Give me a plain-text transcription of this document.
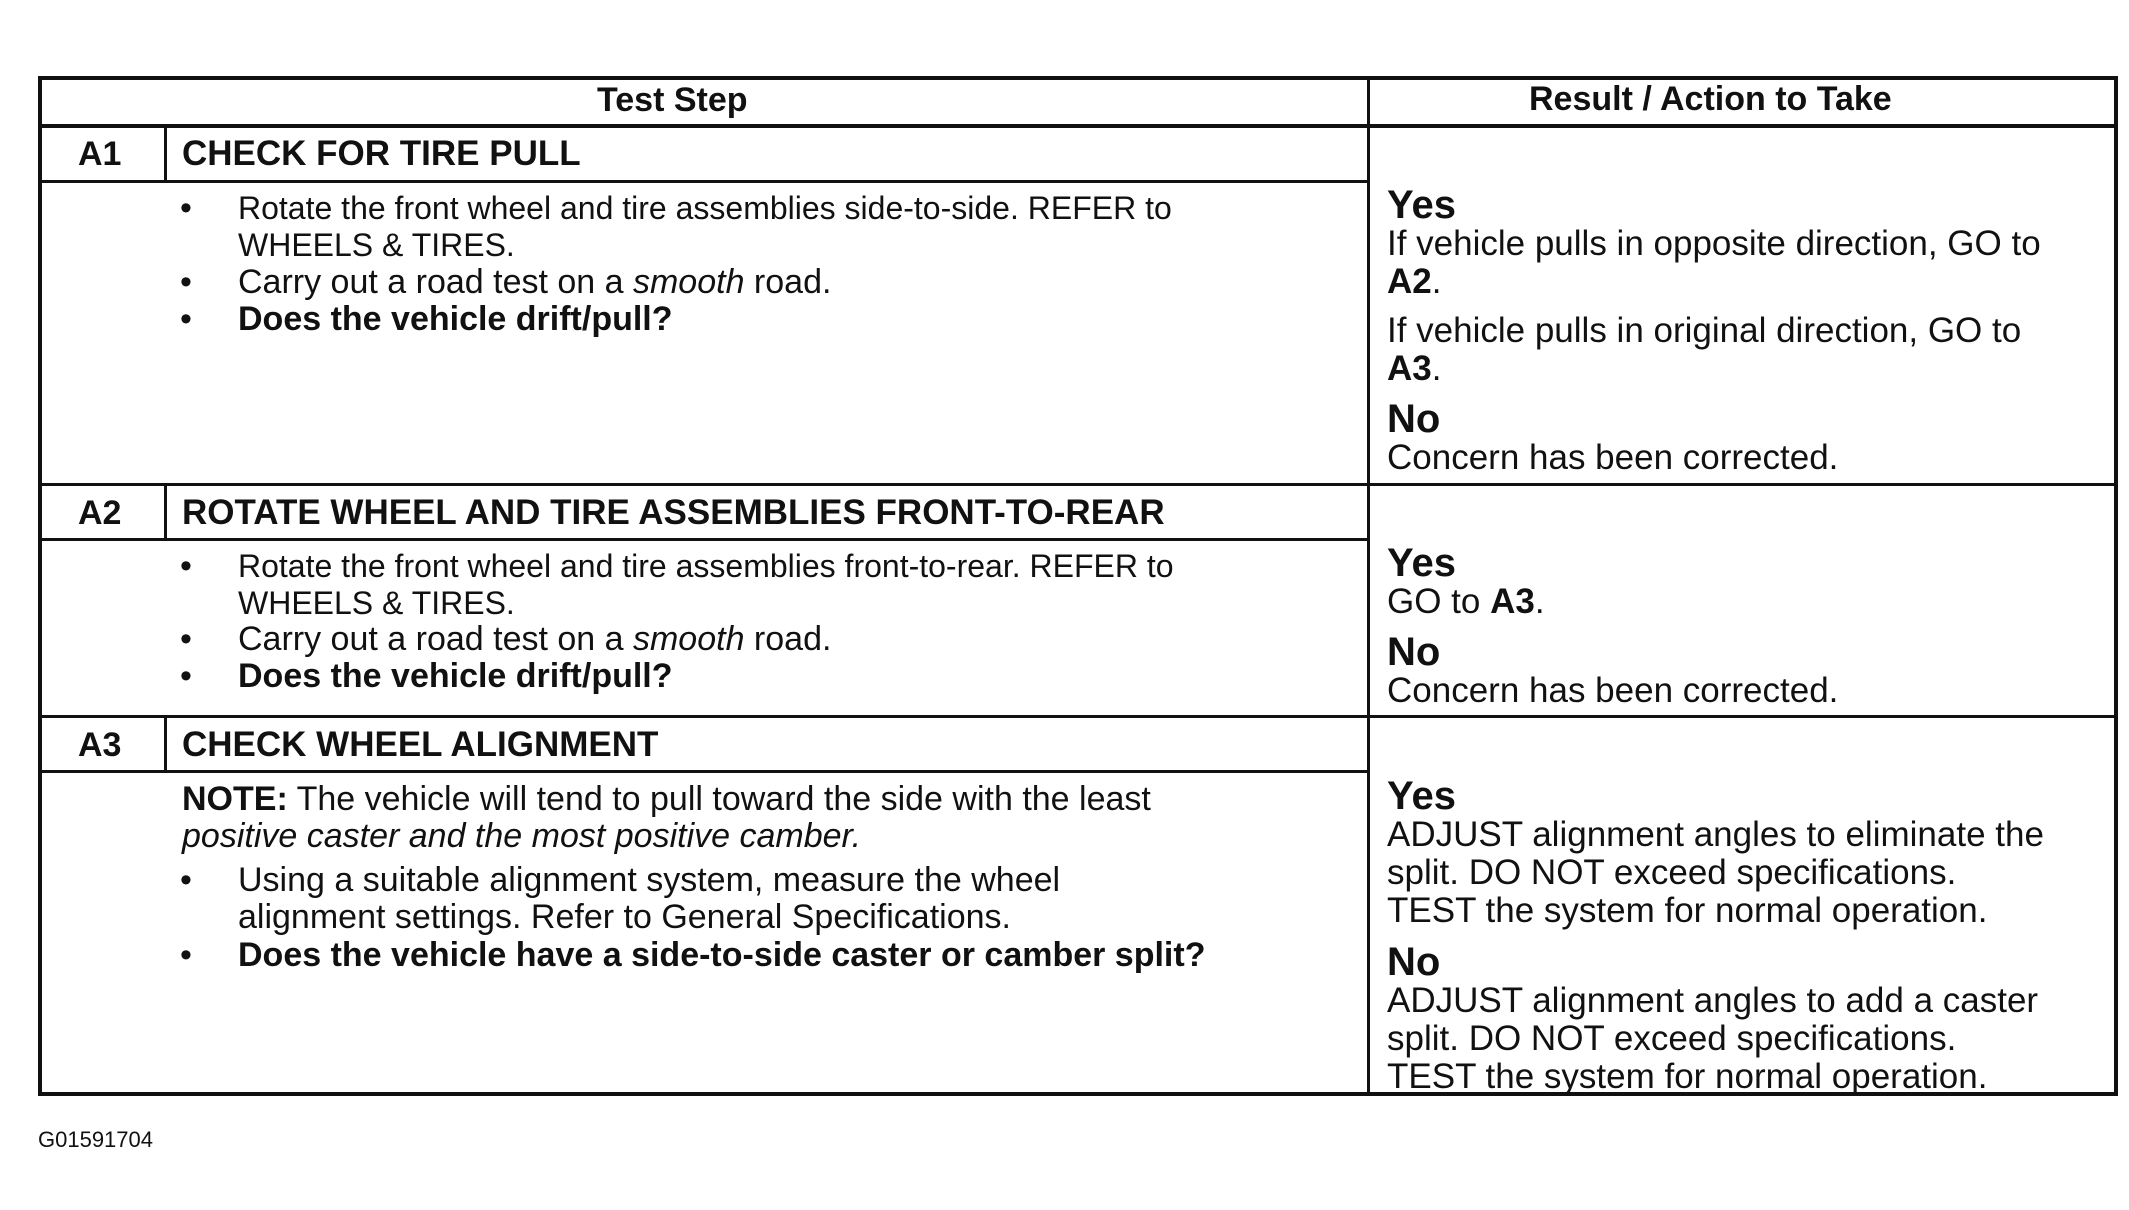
Test Step	Result / Action to Take
A1 CHECK FOR TIRE PULL
• Rotate the front wheel and tire assemblies side-to-side. REFER to
WHEELS & TIRES.
• Carry out a road test on a smooth road.
• Does the vehicle drift/pull?
Yes
If vehicle pulls in opposite direction, GO to
A2.
If vehicle pulls in original direction, GO to
A3.
No
Concern has been corrected.
A2 ROTATE WHEEL AND TIRE ASSEMBLIES FRONT-TO-REAR
• Rotate the front wheel and tire assemblies front-to-rear. REFER to
WHEELS & TIRES.
• Carry out a road test on a smooth road.
• Does the vehicle drift/pull?
Yes
GO to A3.
No
Concern has been corrected.
A3 CHECK WHEEL ALIGNMENT
NOTE: The vehicle will tend to pull toward the side with the least
positive caster and the most positive camber.
• Using a suitable alignment system, measure the wheel
alignment settings. Refer to General Specifications.
• Does the vehicle have a side-to-side caster or camber split?
Yes
ADJUST alignment angles to eliminate the
split. DO NOT exceed specifications.
TEST the system for normal operation.
No
ADJUST alignment angles to add a caster
split. DO NOT exceed specifications.
TEST the system for normal operation.
G01591704
